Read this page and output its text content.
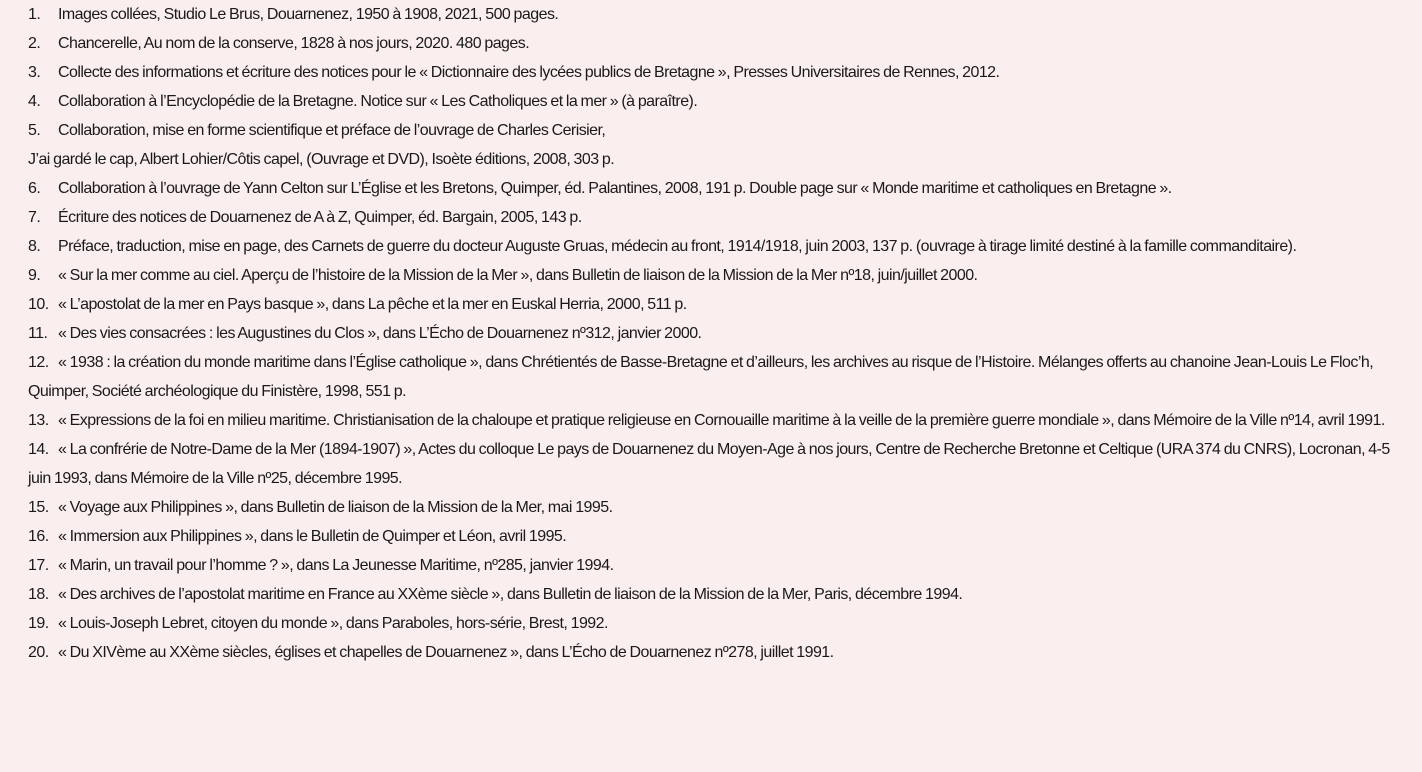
1. Images collées, Studio Le Brus, Douarnenez, 1950 à 1908, 2021, 500 pages.
2. Chancerelle, Au nom de la conserve, 1828 à nos jours, 2020. 480 pages.
3. Collecte des informations et écriture des notices pour le « Dictionnaire des lycées publics de Bretagne », Presses Universitaires de Rennes, 2012.
4. Collaboration à l’Encyclopédie de la Bretagne. Notice sur « Les Catholiques et la mer » (à paraître).
5. Collaboration, mise en forme scientifique et préface de l’ouvrage de Charles Cerisier,
J’ai gardé le cap, Albert Lohier/Côtis capel, (Ouvrage et DVD), Isoète éditions, 2008, 303 p.
6. Collaboration à l’ouvrage de Yann Celton sur L’Église et les Bretons, Quimper, éd. Palantines, 2008, 191 p. Double page sur « Monde maritime et catholiques en Bretagne ».
7. Écriture des notices de Douarnenez de A à Z, Quimper, éd. Bargain, 2005, 143 p.
8. Préface, traduction, mise en page, des Carnets de guerre du docteur Auguste Gruas, médecin au front, 1914/1918, juin 2003, 137 p. (ouvrage à tirage limité destiné à la famille commanditaire).
9. « Sur la mer comme au ciel. Aperçu de l’histoire de la Mission de la Mer », dans Bulletin de liaison de la Mission de la Mer nº18, juin/juillet 2000.
10. « L’apostolat de la mer en Pays basque », dans La pêche et la mer en Euskal Herria, 2000, 511 p.
11. « Des vies consacrées : les Augustines du Clos », dans L’Écho de Douarnenez nº312, janvier 2000.
12. « 1938 : la création du monde maritime dans l’Église catholique », dans Chrétientés de Basse-Bretagne et d’ailleurs, les archives au risque de l’Histoire. Mélanges offerts au chanoine Jean-Louis Le Floc’h, Quimper, Société archéologique du Finistère, 1998, 551 p.
13. « Expressions de la foi en milieu maritime. Christianisation de la chaloupe et pratique religieuse en Cornouaille maritime à la veille de la première guerre mondiale », dans Mémoire de la Ville nº14, avril 1991.
14. « La confrérie de Notre-Dame de la Mer (1894-1907) », Actes du colloque Le pays de Douarnenez du Moyen-Age à nos jours, Centre de Recherche Bretonne et Celtique (URA 374 du CNRS), Locronan, 4-5 juin 1993, dans Mémoire de la Ville nº25, décembre 1995.
15. « Voyage aux Philippines », dans Bulletin de liaison de la Mission de la Mer, mai 1995.
16. « Immersion aux Philippines », dans le Bulletin de Quimper et Léon, avril 1995.
17. « Marin, un travail pour l’homme ? », dans La Jeunesse Maritime, nº285, janvier 1994.
18. « Des archives de l’apostolat maritime en France au XXème siècle », dans Bulletin de liaison de la Mission de la Mer, Paris, décembre 1994.
19. « Louis-Joseph Lebret, citoyen du monde », dans Paraboles, hors-série, Brest, 1992.
20. « Du XIVème au XXème siècles, églises et chapelles de Douarnenez », dans L’Écho de Douarnenez nº278, juillet 1991.
